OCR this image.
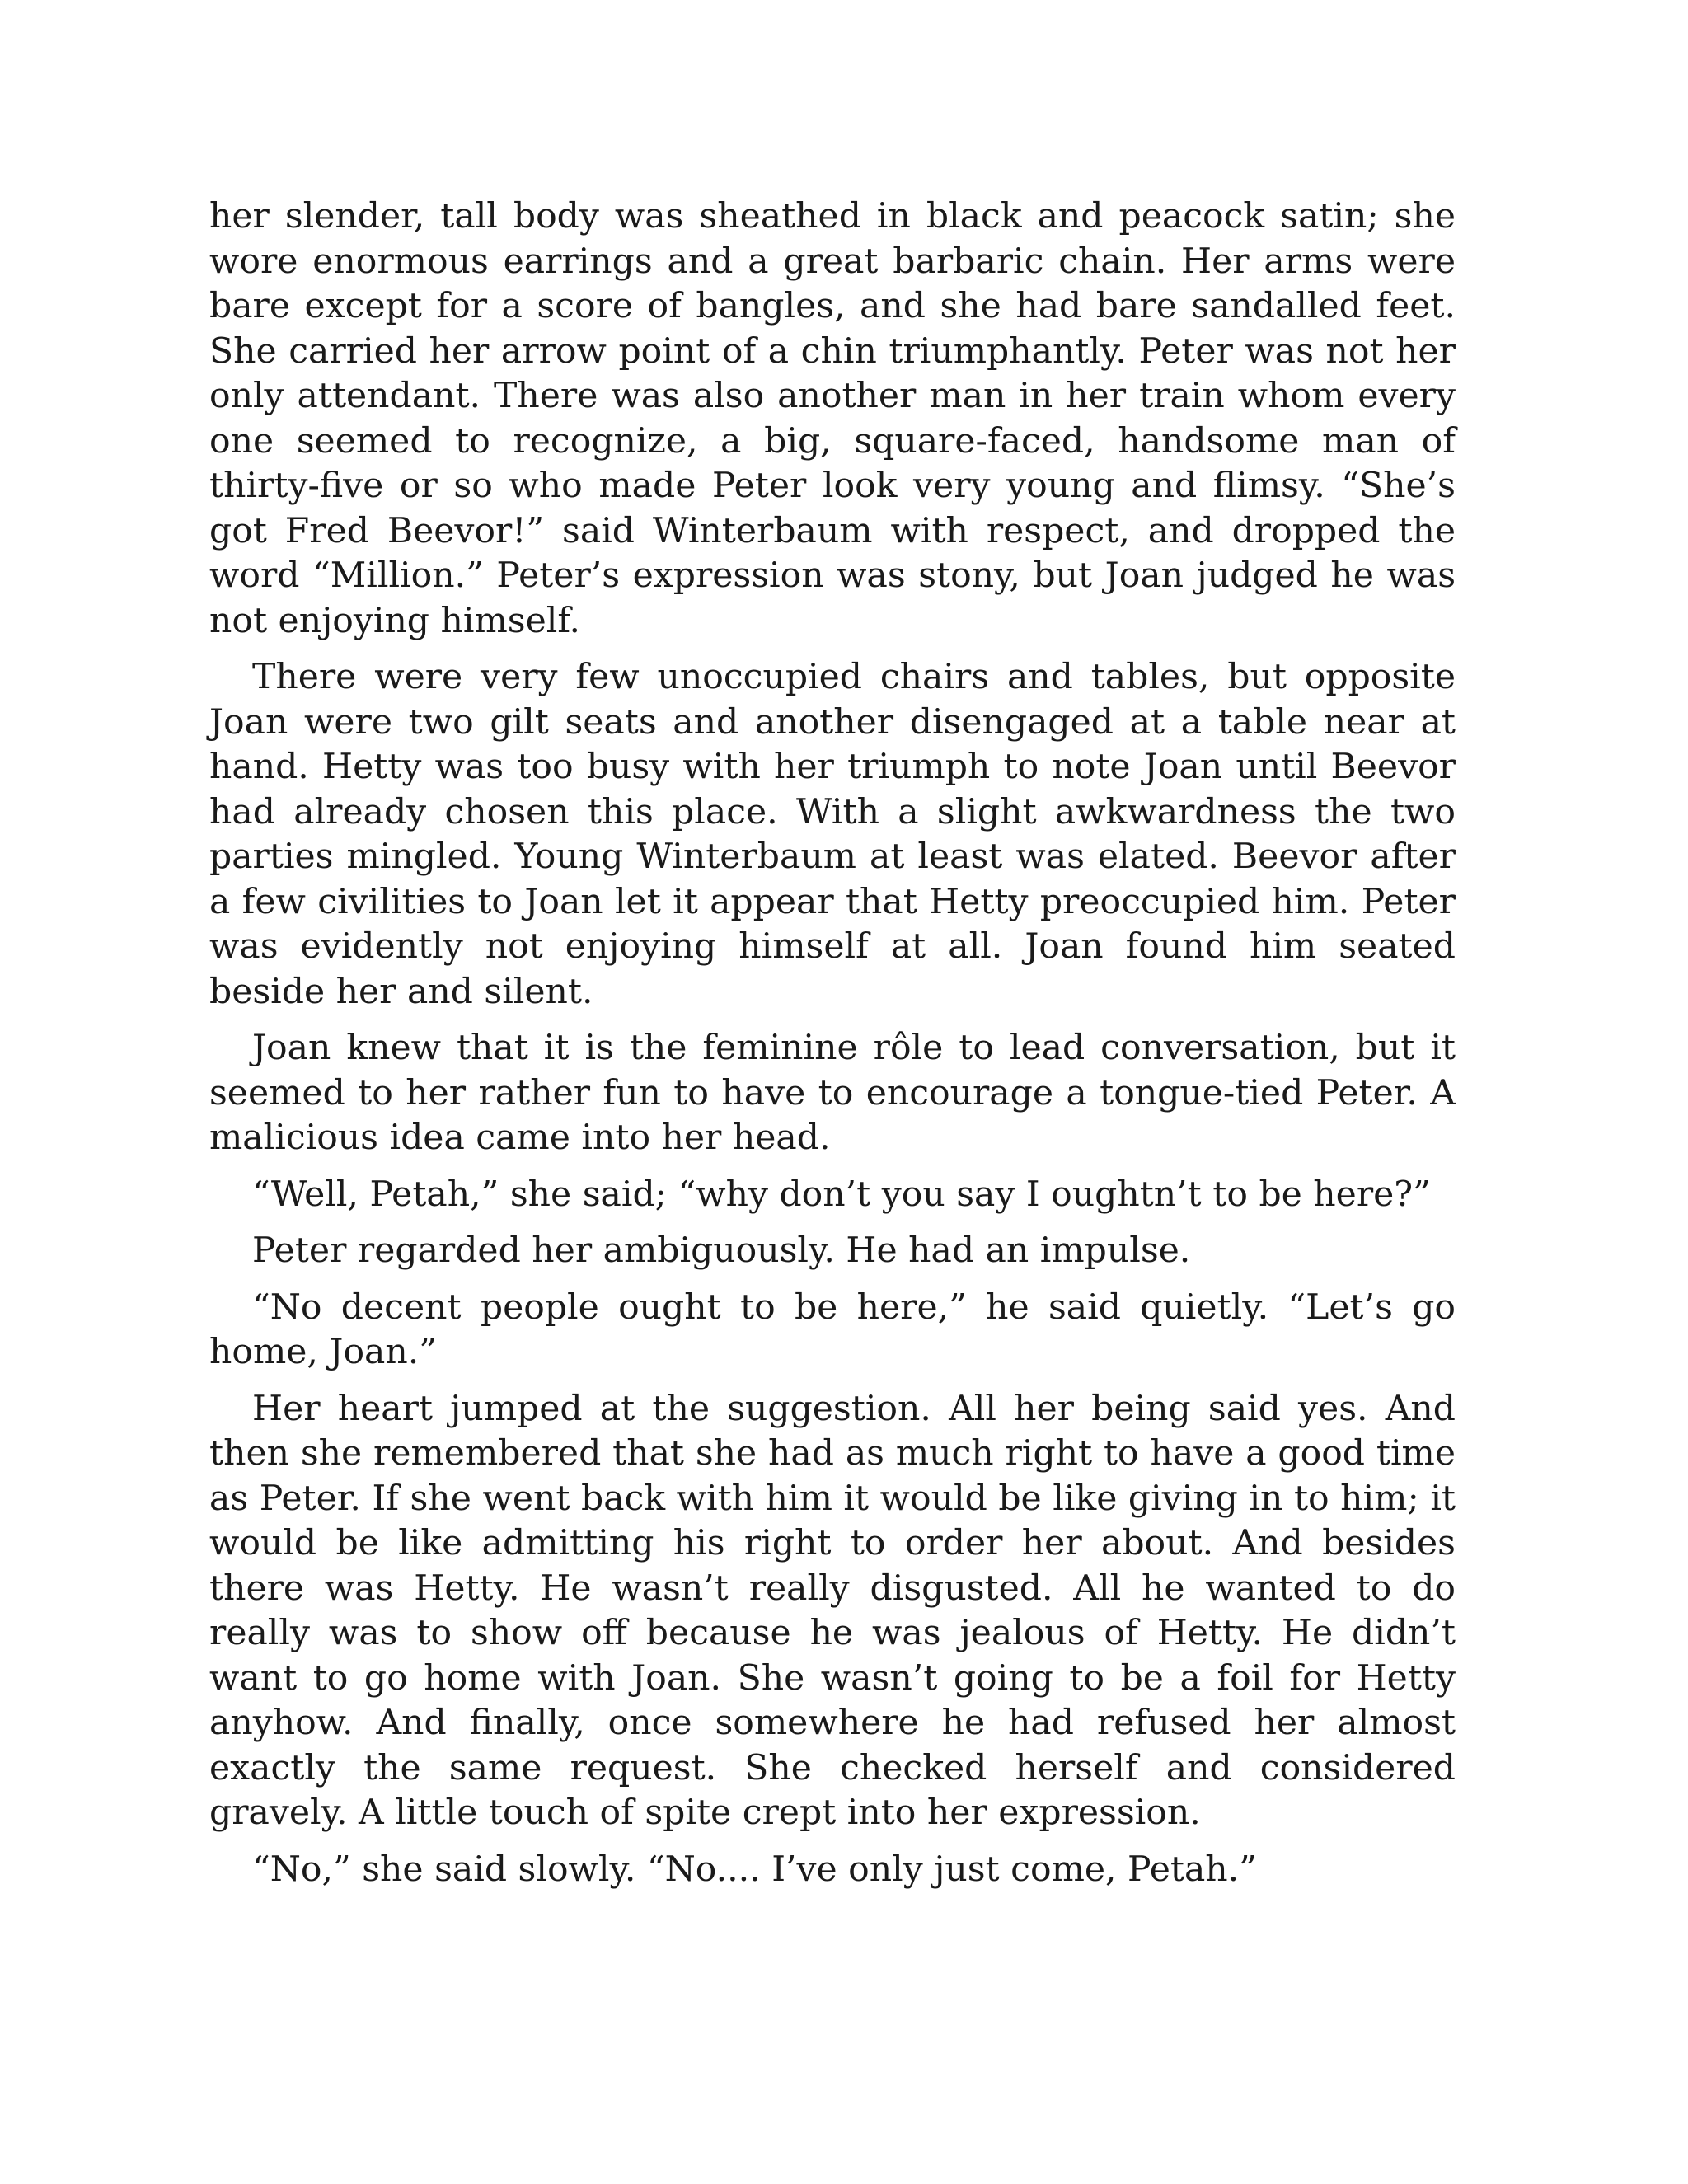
her slender, tall body was sheathed in black and peacock satin; she wore enormous earrings and a great barbaric chain. Her arms were bare except for a score of bangles, and she had bare sandalled feet. She carried her arrow point of a chin triumphantly. Peter was not her only attendant. There was also another man in her train whom every one seemed to recognize, a big, square-faced, handsome man of thirty-five or so who made Peter look very young and flimsy. “She’s got Fred Beevor!” said Winterbaum with respect, and dropped the word “Million.” Peter’s expression was stony, but Joan judged he was not enjoying himself.

There were very few unoccupied chairs and tables, but opposite Joan were two gilt seats and another disengaged at a table near at hand. Hetty was too busy with her triumph to note Joan until Beevor had already chosen this place. With a slight awkwardness the two parties mingled. Young Winterbaum at least was elated. Beevor after a few civilities to Joan let it appear that Hetty preoccupied him. Peter was evidently not enjoying himself at all. Joan found him seated beside her and silent.

Joan knew that it is the feminine rôle to lead conversation, but it seemed to her rather fun to have to encourage a tongue-tied Peter. A malicious idea came into her head.

“Well, Petah,” she said; “why don’t you say I oughtn’t to be here?”

Peter regarded her ambiguously. He had an impulse.

“No decent people ought to be here,” he said quietly. “Let’s go home, Joan.”

Her heart jumped at the suggestion. All her being said yes. And then she remembered that she had as much right to have a good time as Peter. If she went back with him it would be like giving in to him; it would be like admitting his right to order her about. And besides there was Hetty. He wasn’t really disgusted. All he wanted to do really was to show off because he was jealous of Hetty. He didn’t want to go home with Joan. She wasn’t going to be a foil for Hetty anyhow. And finally, once somewhere he had refused her almost exactly the same request. She checked herself and considered gravely. A little touch of spite crept into her expression.

“No,” she said slowly. “No.... I’ve only just come, Petah.”
